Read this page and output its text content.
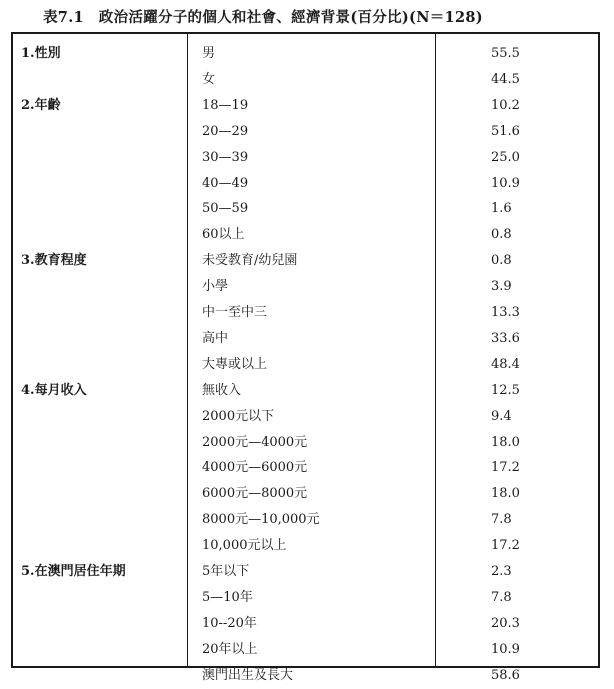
表7.1　政治活躍分子的個人和社會、經濟背景(百分比)(N＝128)
1.性別	男	55.5
女	44.5
2.年齡	18—19	10.2
20—29	51.6
30—39	25.0
40—49	10.9
50—59	1.6
60以上	0.8
3.教育程度	未受教育/幼兒園	0.8
小學	3.9
中一至中三	13.3
高中	33.6
大專或以上	48.4
4.每月收入	無收入	12.5
2000元以下	9.4
2000元—4000元	18.0
4000元—6000元	17.2
6000元—8000元	18.0
8000元—10,000元	7.8
10,000元以上	17.2
5.在澳門居住年期	5年以下	2.3
5—10年	7.8
10--20年	20.3
20年以上	10.9
澳門出生及長大	58.6
